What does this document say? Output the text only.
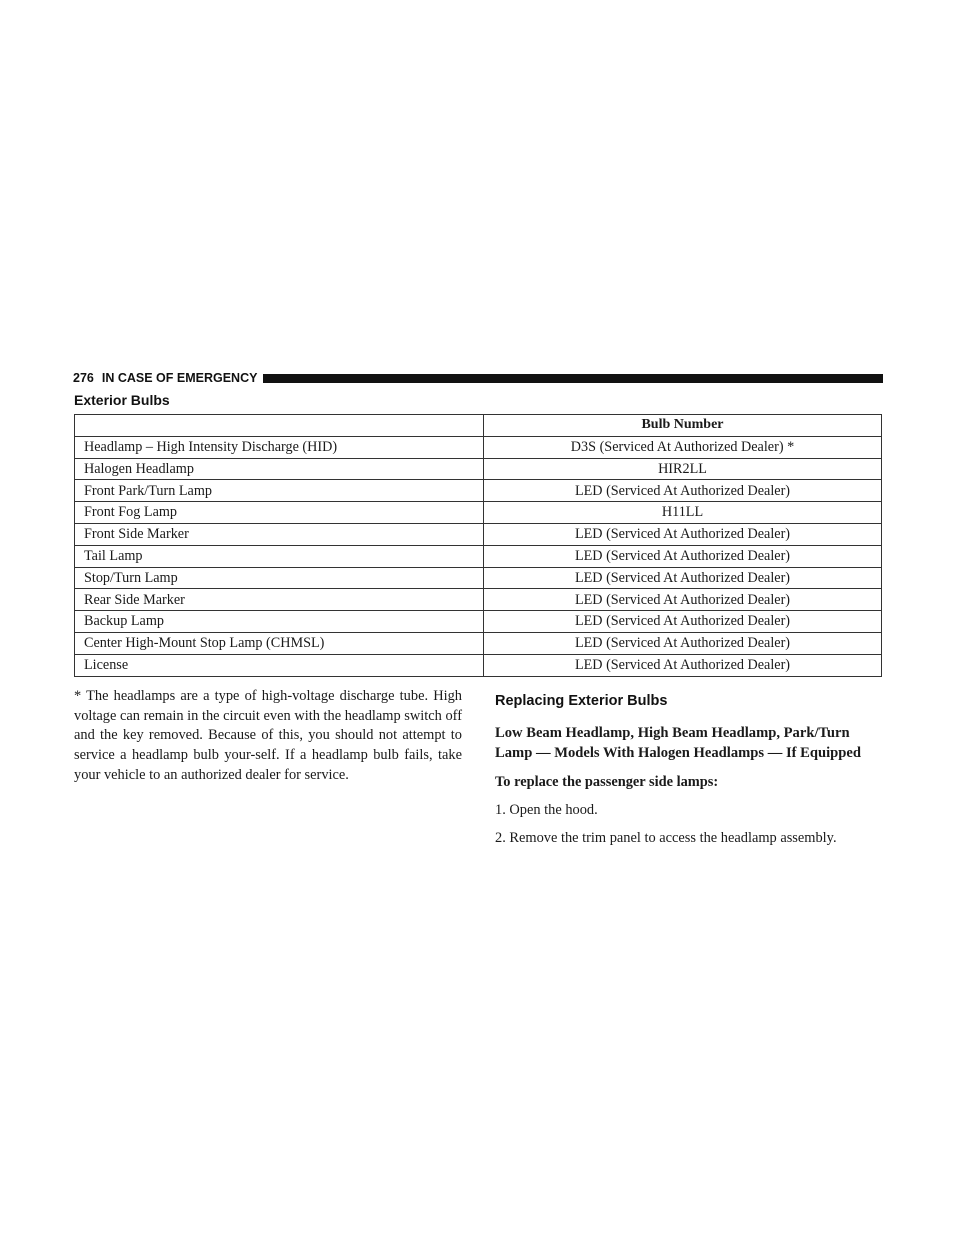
276 IN CASE OF EMERGENCY
Exterior Bulbs
	Bulb Number
Headlamp – High Intensity Discharge (HID)	D3S (Serviced At Authorized Dealer) *
Halogen Headlamp	HIR2LL
Front Park/Turn Lamp	LED (Serviced At Authorized Dealer)
Front Fog Lamp	H11LL
Front Side Marker	LED (Serviced At Authorized Dealer)
Tail Lamp	LED (Serviced At Authorized Dealer)
Stop/Turn Lamp	LED (Serviced At Authorized Dealer)
Rear Side Marker	LED (Serviced At Authorized Dealer)
Backup Lamp	LED (Serviced At Authorized Dealer)
Center High-Mount Stop Lamp (CHMSL)	LED (Serviced At Authorized Dealer)
License	LED (Serviced At Authorized Dealer)
* The headlamps are a type of high-voltage discharge tube. High voltage can remain in the circuit even with the headlamp switch off and the key removed. Because of this, you should not attempt to service a headlamp bulb your-self. If a headlamp bulb fails, take your vehicle to an authorized dealer for service.
Replacing Exterior Bulbs
Low Beam Headlamp, High Beam Headlamp, Park/Turn Lamp — Models With Halogen Headlamps — If Equipped
To replace the passenger side lamps:
1. Open the hood.
2. Remove the trim panel to access the headlamp assembly.
